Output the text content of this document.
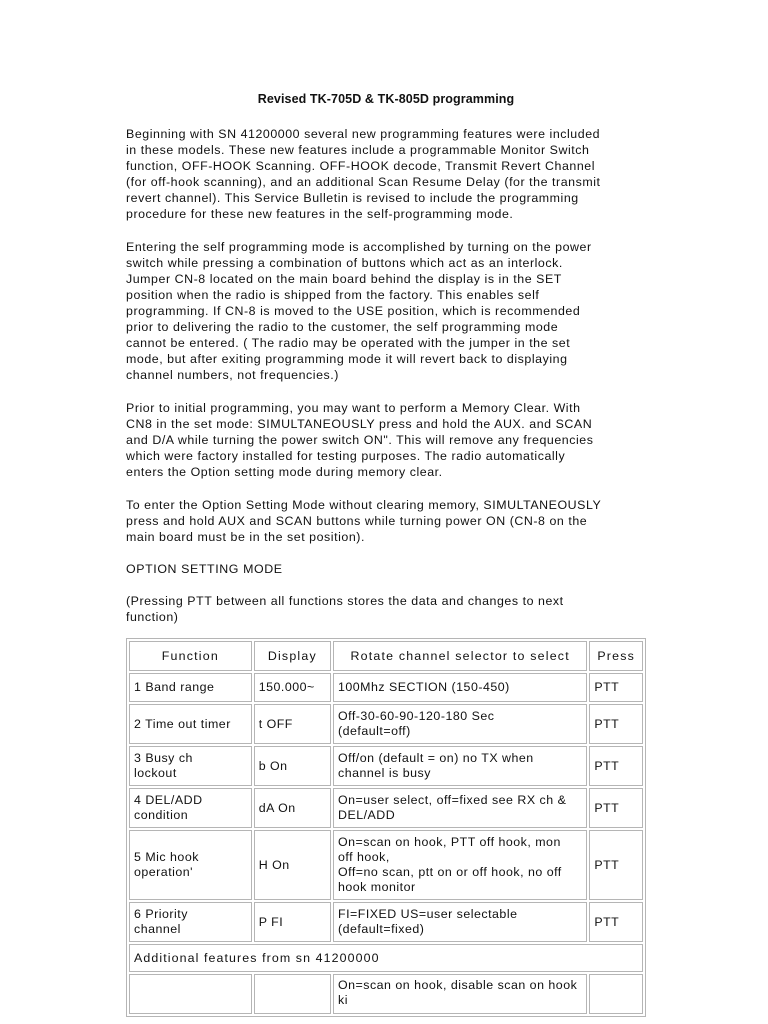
Revised TK-705D & TK-805D programming
Beginning with SN 41200000 several new programming features were included
in these models. These new features include a programmable Monitor Switch
function, OFF-HOOK Scanning. OFF-HOOK decode, Transmit Revert Channel
(for off-hook scanning), and an additional Scan Resume Delay (for the transmit
revert channel). This Service Bulletin is revised to include the programming
procedure for these new features in the self-programming mode.
Entering the self programming mode is accomplished by turning on the power
switch while pressing a combination of buttons which act as an interlock.
Jumper CN-8 located on the main board behind the display is in the SET
position when the radio is shipped from the factory. This enables self
programming. If CN-8 is moved to the USE position, which is recommended
prior to delivering the radio to the customer, the self programming mode
cannot be entered. ( The radio may be operated with the jumper in the set
mode, but after exiting programming mode it will revert back to displaying
channel numbers, not frequencies.)
Prior to initial programming, you may want to perform a Memory Clear. With
CN8 in the set mode: SIMULTANEOUSLY press and hold the AUX. and SCAN
and D/A while turning the power switch ON". This will remove any frequencies
which were factory installed for testing purposes. The radio automatically
enters the Option setting mode during memory clear.
To enter the Option Setting Mode without clearing memory, SIMULTANEOUSLY
press and hold AUX and SCAN buttons while turning power ON (CN-8 on the
main board must be in the set position).
OPTION SETTING MODE
(Pressing PTT between all functions stores the data and changes to next
function)
Function	Display	Rotate channel selector to select	Press
1 Band range	150.000~	100Mhz SECTION (150-450)	PTT
2 Time out timer	t OFF	Off-30-60-90-120-180 Sec
(default=off)	PTT
3 Busy ch
lockout	b On	Off/on (default = on) no TX when
channel is busy	PTT
4 DEL/ADD
condition	dA On	On=user select, off=fixed see RX ch &
DEL/ADD	PTT
5 Mic hook
operation'	H On	On=scan on hook, PTT off hook, mon
off hook,
Off=no scan, ptt on or off hook, no off
hook monitor	PTT
6 Priority
channel	P FI	FI=FIXED US=user selectable
(default=fixed)	PTT
Additional features from sn 41200000			
		On=scan on hook, disable scan on hook ki	
